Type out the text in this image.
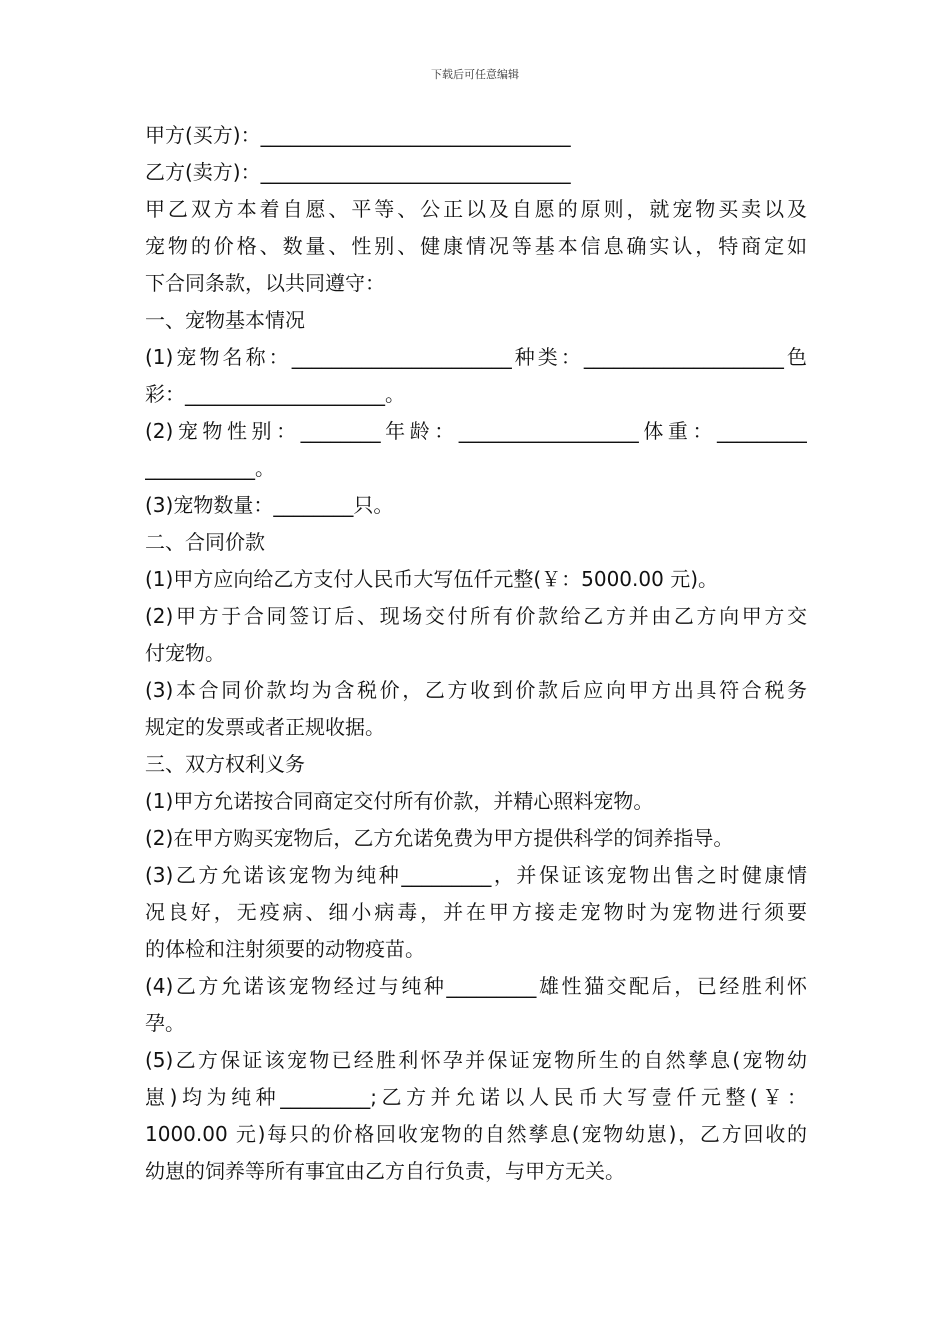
下载后可任意编辑
甲方(买方)：_______________________________
乙方(卖方)：_______________________________
甲乙双方本着自愿、平等、公正以及自愿的原则，就宠物买卖以及
宠物的价格、数量、性别、健康情况等基本信息确实认，特商定如
下合同条款，以共同遵守：
一、宠物基本情况
(1)宠物名称：______________________种类：____________________色
彩：____________________。
(2)宠物性别：________年龄：__________________体重：_________
___________。
(3)宠物数量：________只。
二、合同价款
(1)甲方应向给乙方支付人民币大写伍仟元整(￥：5000.00 元)。
(2)甲方于合同签订后、现场交付所有价款给乙方并由乙方向甲方交
付宠物。
(3)本合同价款均为含税价，乙方收到价款后应向甲方出具符合税务
规定的发票或者正规收据。
三、双方权利义务
(1)甲方允诺按合同商定交付所有价款，并精心照料宠物。
(2)在甲方购买宠物后，乙方允诺免费为甲方提供科学的饲养指导。
(3)乙方允诺该宠物为纯种_________，并保证该宠物出售之时健康情
况良好，无疫病、细小病毒，并在甲方接走宠物时为宠物进行须要
的体检和注射须要的动物疫苗。
(4)乙方允诺该宠物经过与纯种_________雄性猫交配后，已经胜利怀
孕。
(5)乙方保证该宠物已经胜利怀孕并保证宠物所生的自然孳息(宠物幼
崽)均为纯种_________;乙方并允诺以人民币大写壹仟元整(￥：
1000.00 元)每只的价格回收宠物的自然孳息(宠物幼崽)，乙方回收的
幼崽的饲养等所有事宜由乙方自行负责，与甲方无关。
